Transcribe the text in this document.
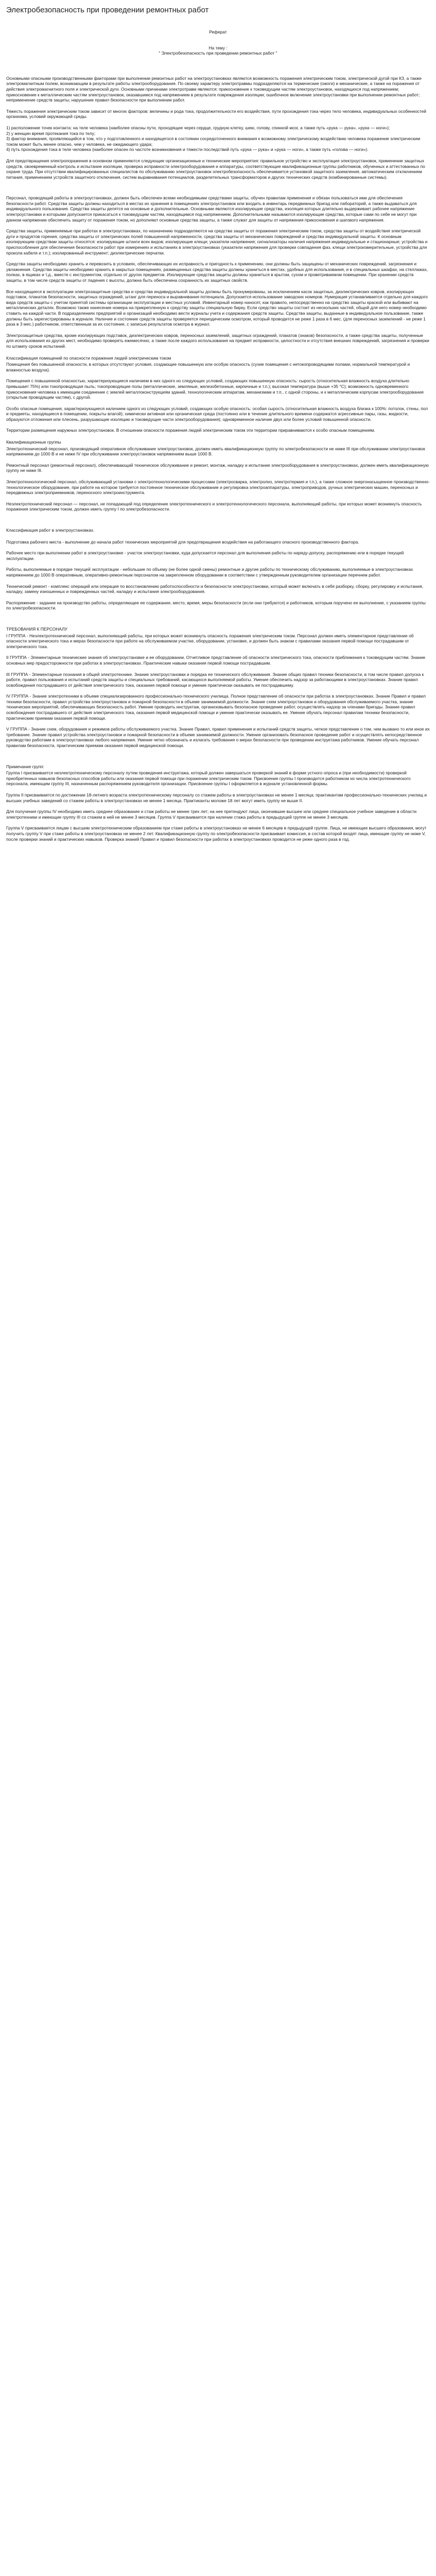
Электробезопасность при проведении ремонтных работ
Реферат
На тему :
" Электробезопасность при проведении ремонтных работ "

Основными опасными производственными факторами при выполнении ремонтных работ на электроустановках являются возможность поражения электрическим током, электрической дугой при КЗ, а также электромагнитным полем, возникающим в результате работы электрооборудования. По своему характеру электротравмы подразделяются на термические (ожоги) и механические, а также на поражения от действия электромагнитного поля и электрической дуги. Основными причинами электротравм являются: прикосновение к токоведущим частям электроустановок, находящихся под напряжением; прикосновение к металлическим частям электроустановок, оказавшимся под напряжением в результате повреждения изоляции; ошибочное включение электроустановки при выполнении ремонтных работ; неприменение средств защиты; нарушение правил безопасности при выполнении работ.

Тяжесть поражения электрическим током зависит от многих факторов: величины и рода тока, продолжительности его воздействия, пути прохождения тока через тело человека, индивидуальных особенностей организма, условий окружающей среды.

1) расположение точек контакта: на теле человека (наиболее опасны пути, проходящие через сердце, грудную клетку, шею, голову, спинной мозг, а также путь «рука — рука», «рука — ноги»);

2) у женщин время протекания тока по телу;

3) фактор внимания, проявляющийся в том, что у подготовленного и находящегося в состоянии сосредоточенного внимания к возможному электрическому воздействию человека поражение электрическим током может быть менее опасно, чем у человека, не ожидающего удара;

4) путь прохождения тока в теле человека (наиболее опасен по частоте возникновения и тяжести последствий путь «рука — рука» и «рука — ноги», а также путь «голова — ноги»).

Для предотвращения электропоражения в основном применяются следующие организационные и технические мероприятия: правильное устройство и эксплуатация электроустановок, применение защитных средств, своевременный контроль и испытание изоляции, проверка исправности электрооборудования и аппаратуры, соответствующие квалификационные группы работников, обученных и аттестованных по охране труда. При отсутствии квалифицированных специалистов по обслуживанию электроустановок электробезопасность обеспечивается установкой защитного заземления, автоматическим отключением питания, применением устройств защитного отключения, систем выравнивания потенциалов, разделительных трансформаторов и других технических средств (комбинированные системы).

Персонал, проводящий работы в электроустановках, должен быть обеспечен всеми необходимыми средствами защиты, обучен правилам применения и обязан пользоваться ими для обеспечения безопасности работ. Средства защиты должны находиться в местах их хранения в помещениях электроустановок или входить в инвентарь передвижных бригад или лабораторий, а также выдаваться для индивидуального пользования. Средства защиты делятся на основные и дополнительные. Основными являются изолирующие средства, изоляция которых длительно выдерживает рабочее напряжение электроустановки и которыми допускается прикасаться к токоведущим частям, находящимся под напряжением. Дополнительными называются изолирующие средства, которые сами по себе не могут при данном напряжении обеспечить защиту от поражения током, но дополняют основные средства защиты, а также служат для защиты от напряжения прикосновения и шагового напряжения.

Средства защиты, применяемые при работах в электроустановках, по назначению подразделяются на средства защиты от поражения электрическим током, средства защиты от воздействия электрической дуги и продуктов горения, средства защиты от электрических полей повышенной напряженности, средства защиты от механических повреждений и средства индивидуальной защиты. К основным изолирующим средствам защиты относятся: изолирующие штанги всех видов; изолирующие клещи; указатели напряжения; сигнализаторы наличия напряжения индивидуальные и стационарные; устройства и приспособления для обеспечения безопасности работ при измерениях и испытаниях в электроустановках (указатели напряжения для проверки совпадения фаз, клещи электроизмерительные, устройства для прокола кабеля и т.п.); изолированный инструмент; диэлектрические перчатки.

Средства защиты необходимо хранить и перевозить в условиях, обеспечивающих их исправность и пригодность к применению, они должны быть защищены от механических повреждений, загрязнения и увлажнения. Средства защиты необходимо хранить в закрытых помещениях, размещенных средства защиты должны храниться в местах, удобных для использования, и в специальных шкафах, на стеллажах, полках, в ящиках и т.д., вместе с инструментом, отдельно от других предметов. Изолирующие средства защиты должны храниться в крытом, сухом и проветриваемом помещении. При хранении средств защиты, в том числе средств защиты от падения с высоты, должна быть обеспечена сохранность их защитных свойств.

Все находящиеся в эксплуатации электрозащитные средства и средства индивидуальной защиты должны быть пронумерованы, за исключением касок защитных, диэлектрических ковров, изолирующих подставок, плакатов безопасности, защитных ограждений, штанг для переноса и выравнивания потенциала. Допускается использование заводских номеров. Нумерация устанавливается отдельно для каждого вида средств защиты с учетом принятой системы организации эксплуатации и местных условий. Инвентарный номер наносят, как правило, непосредственно на средство защиты краской или выбивают на металлических деталях. Возможно также нанесение номера на прикрепленную к средству защиты специальную бирку. Если средство защиты состоит из нескольких частей, общий для него номер необходимо ставить на каждой части. В подразделениях предприятий и организаций необходимо вести журналы учета и содержания средств защиты. Средства защиты, выданные в индивидуальное пользование, также должны быть зарегистрированы в журнале. Наличие и состояние средств защиты проверяется периодическим осмотром, который проводится не реже 1 раза в 6 мес. (для переносных заземлений - не реже 1 раза в 3 мес.) работником, ответственным за их состояние, с записью результатов осмотра в журнал.

Электрозащитные средства, кроме изолирующих подставок, диэлектрических ковров, переносных заземлений, защитных ограждений, плакатов (знаков) безопасности, а также средства защиты, полученные для использования из других мест, необходимо проверять ежемесячно, а также после каждого использования на предмет исправности, целостности и отсутствия внешних повреждений, загрязнения и проверки по штампу сроков испытаний.

Классификация помещений по опасности поражения людей электрическим током

Помещения без повышенной опасности, в которых отсутствуют условия, создающие повышенную или особую опасность (сухие помещения с нетокопроводящими полами, нормальной температурой и влажностью воздуха).

Помещения с повышенной опасностью, характеризующиеся наличием в них одного из следующих условий, создающих повышенную опасность: сырость (относительная влажность воздуха длительно превышает 75%) или токопроводящая пыль; токопроводящие полы (металлические, земляные, железобетонные, кирпичные и т.п.); высокая температура (выше +35 °C); возможность одновременного прикосновения человека к имеющим соединение с землей металлоконструкциям зданий, технологическим аппаратам, механизмам и т.п., с одной стороны, и к металлическим корпусам электрооборудования (открытым проводящим частям), с другой.

Особо опасные помещения, характеризующиеся наличием одного из следующих условий, создающих особую опасность: особая сырость (относительная влажность воздуха близка к 100%: потолок, стены, пол и предметы, находящиеся в помещении, покрыты влагой); химически активная или органическая среда (постоянно или в течение длительного времени содержатся агрессивные пары, газы, жидкости, образуются отложения или плесень, разрушающие изоляцию и токоведущие части электрооборудования); одновременное наличие двух или более условий повышенной опасности.

Территории размещения наружных электроустановок. В отношении опасности поражения людей электрическим током эти территории приравниваются к особо опасным помещениям.

Квалификационные группы

Электротехнический персонал, производящий оперативное обслуживание электроустановок, должен иметь квалификационную группу по электробезопасности не ниже III при обслуживании электроустановок напряжением до 1000 В и не ниже IV при обслуживании электроустановок напряжением выше 1000 В.

Ремонтный персонал (ремонтный персонал), обеспечивающий техническое обслуживание и ремонт, монтаж, наладку и испытание электрооборудования в электроустановках, должен иметь квалификационную группу не ниже III.

Электротехнологический персонал, обслуживающий установки с электротехнологическими процессами (электросварка, электролиз, электротермия и т.п.), а также сложное энергонасыщенное производственно-технологическое оборудование, при работе на котором требуется постоянное техническое обслуживание и регулировка электроаппаратуры, электроприводов, ручных электрических машин, переносных и передвижных электроприемников, переносного электроинструмента.

Неэлектротехнический персонал — персонал, не попадающий под определение электротехнического и электротехнологического персонала, выполняющий работы, при которых может возникнуть опасность поражения электрическим током, должен иметь группу I по электробезопасности.

Классификация работ в электроустановках.

Подготовка рабочего места - выполнение до начала работ технических мероприятий для предотвращения воздействия на работающего опасного производственного фактора.

Рабочее место при выполнении работ в электроустановке - участок электроустановки, куда допускается персонал для выполнения работы по наряду-допуску, распоряжению или в порядке текущей эксплуатации.

Работы, выполняемые в порядке текущей эксплуатации - небольшие по объему (не более одной смены) ремонтные и другие работы по техническому обслуживанию, выполняемые в электроустановках напряжением до 1000 В оперативным, оперативно-ремонтным персоналом на закрепленном оборудовании в соответствии с утвержденным руководителем организации перечнем работ.

Технический ремонт - комплекс операций или операция по восстановлению работоспособности и безопасности электроустановки, который может включать в себя разборку, сборку, регулировку и испытания, наладку, замену изношенных и поврежденных частей, наладку и испытания электрооборудования.

Распоряжение - задание на производство работы, определяющее ее содержание, место, время, меры безопасности (если они требуются) и работников, которым поручено ее выполнение, с указанием группы по электробезопасности.

ТРЕБОВАНИЯ К ПЕРСОНАЛУ

I ГРУППА - Неэлектротехнический персонал, выполняющий работы, при которых может возникнуть опасность поражения электрическим током. Персонал должен иметь элементарное представление об опасности электрического тока и мерах безопасности при работе на обслуживаемом участке, оборудовании, установке, и должен быть знаком с правилами оказания первой помощи пострадавшим от электрического тока.

II ГРУППА - Элементарные технические знания об электроустановке и ее оборудовании. Отчетливое представление об опасности электрического тока, опасности приближения к токоведущим частям. Знание основных мер предосторожности при работах в электроустановках. Практические навыки оказания первой помощи пострадавшим.

III ГРУППА - Элементарные познания в общей электротехнике. Знание электроустановки и порядка ее технического обслуживания. Знание общих правил техники безопасности, в том числе правил допуска к работе, правил пользования и испытаний средств защиты и специальных требований, касающихся выполняемой работы. Умение обеспечить надзор за работающими в электроустановках. Знание правил освобождения пострадавшего от действия электрического тока, оказания первой помощи и умение практически оказывать ее пострадавшему.

IV ГРУППА - Знание электротехники в объеме специализированного профессионально-технического училища. Полное представление об опасности при работах в электроустановках. Знание Правил и правил техники безопасности, правил устройства электроустановок и пожарной безопасности в объеме занимаемой должности. Знание схем электроустановок и оборудования обслуживаемого участка, знание технических мероприятий, обеспечивающих безопасность работ. Умение проводить инструктаж, организовывать безопасное проведение работ, осуществлять надзор за членами бригады. Знание правил освобождения пострадавшего от действия электрического тока, оказания первой медицинской помощи и умение практически оказывать ее. Умение обучать персонал правилам техники безопасности, практическим приемам оказания первой помощи.

V ГРУППА - Знание схем, оборудования и режимов работы обслуживаемого участка. Знание Правил, правил применения и испытаний средств защиты, четкое представление о том, чем вызвано то или иное их требование. Знание правил устройства электроустановок и пожарной безопасности в объеме занимаемой должности. Умение организовать безопасное проведение работ и осуществлять непосредственное руководство работами в электроустановках любого напряжения. Умение четко обозначать и излагать требования о мерах безопасности при проведении инструктажа работников. Умение обучать персонал правилам безопасности, практическим приемам оказания первой медицинской помощи.

Примечание групп:

Группа I присваивается неэлектротехническому персоналу путем проведения инструктажа, который должен завершаться проверкой знаний в форме устного опроса и (при необходимости) проверкой приобретенных навыков безопасных способов работы или оказания первой помощи при поражении электрическим током. Присвоение группы I производится работником из числа электротехнического персонала, имеющим группу III, назначенным распоряжением руководителя организации. Присвоение группы I оформляется в журнале установленной формы.

Группа II присваивается по достижении 18-летнего возраста электротехническому персоналу со стажем работы в электроустановках не менее 1 месяца; практикантам профессионально-технических училищ и высших учебных заведений со стажем работы в электроустановках не менее 1 месяца. Практиканты моложе 18 лет могут иметь группу не выше II.

Для получения группы IV необходимо иметь среднее образование и стаж работы не менее трех лет; на нее претендуют лица, окончившие высшее или среднее специальное учебное заведение в области электротехники и имеющие группу III со стажем в ней не менее 3 месяцев. Группа V присваивается при наличии стажа работы в предыдущей группе не менее 3 месяцев.

Группа V присваивается лицам с высшим электротехническим образованием при стаже работы в электроустановках не менее 6 месяцев в предыдущей группе. Лица, не имеющие высшего образования, могут получить группу V при стаже работы в электроустановках не менее 2 лет. Квалификационную группу по электробезопасности присваивает комиссия, в состав которой входят лица, имеющие группу не ниже V, после проверки знаний и практических навыков. Проверка знаний Правил и правил безопасности при работах в электроустановках проводится не реже одного раза в год.
